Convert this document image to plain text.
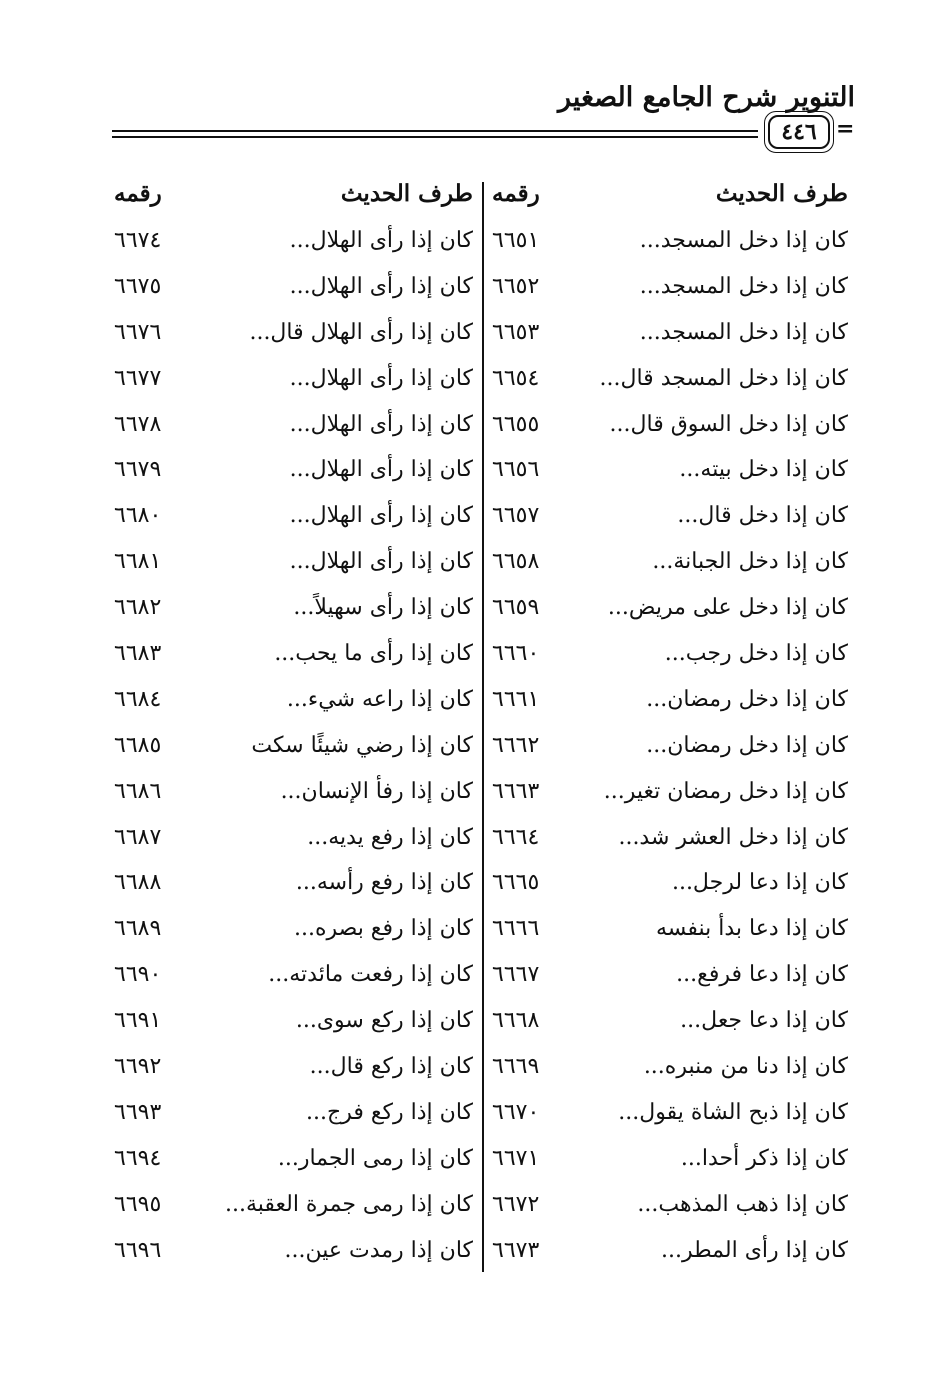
التنوير شرح الجامع الصغير
٤٤٦ =
طرف الحديث
رقمه
طرف الحديث
رقمه
كان إذا دخل المسجد...
٦٦٥١
كان إذا رأى الهلال...
٦٦٧٤
كان إذا دخل المسجد...
٦٦٥٢
كان إذا رأى الهلال...
٦٦٧٥
كان إذا دخل المسجد...
٦٦٥٣
كان إذا رأى الهلال قال...
٦٦٧٦
كان إذا دخل المسجد قال...
٦٦٥٤
كان إذا رأى الهلال...
٦٦٧٧
كان إذا دخل السوق قال...
٦٦٥٥
كان إذا رأى الهلال...
٦٦٧٨
كان إذا دخل بيته...
٦٦٥٦
كان إذا رأى الهلال...
٦٦٧٩
كان إذا دخل قال...
٦٦٥٧
كان إذا رأى الهلال...
٦٦٨٠
كان إذا دخل الجبانة...
٦٦٥٨
كان إذا رأى الهلال...
٦٦٨١
كان إذا دخل على مريض...
٦٦٥٩
كان إذا رأى سهيلاً...
٦٦٨٢
كان إذا دخل رجب...
٦٦٦٠
كان إذا رأى ما يحب...
٦٦٨٣
كان إذا دخل رمضان...
٦٦٦١
كان إذا راعه شيء...
٦٦٨٤
كان إذا دخل رمضان...
٦٦٦٢
كان إذا رضي شيئًا سكت
٦٦٨٥
كان إذا دخل رمضان تغير...
٦٦٦٣
كان إذا رفأ الإنسان...
٦٦٨٦
كان إذا دخل العشر شد...
٦٦٦٤
كان إذا رفع يديه...
٦٦٨٧
كان إذا دعا لرجل...
٦٦٦٥
كان إذا رفع رأسه...
٦٦٨٨
كان إذا دعا بدأ بنفسه
٦٦٦٦
كان إذا رفع بصره...
٦٦٨٩
كان إذا دعا فرفع...
٦٦٦٧
كان إذا رفعت مائدته...
٦٦٩٠
كان إذا دعا جعل...
٦٦٦٨
كان إذا ركع سوى...
٦٦٩١
كان إذا دنا من منبره...
٦٦٦٩
كان إذا ركع قال...
٦٦٩٢
كان إذا ذبح الشاة يقول...
٦٦٧٠
كان إذا ركع فرج...
٦٦٩٣
كان إذا ذكر أحدا...
٦٦٧١
كان إذا رمى الجمار...
٦٦٩٤
كان إذا ذهب المذهب...
٦٦٧٢
كان إذا رمى جمرة العقبة...
٦٦٩٥
كان إذا رأى المطر...
٦٦٧٣
كان إذا رمدت عين...
٦٦٩٦
